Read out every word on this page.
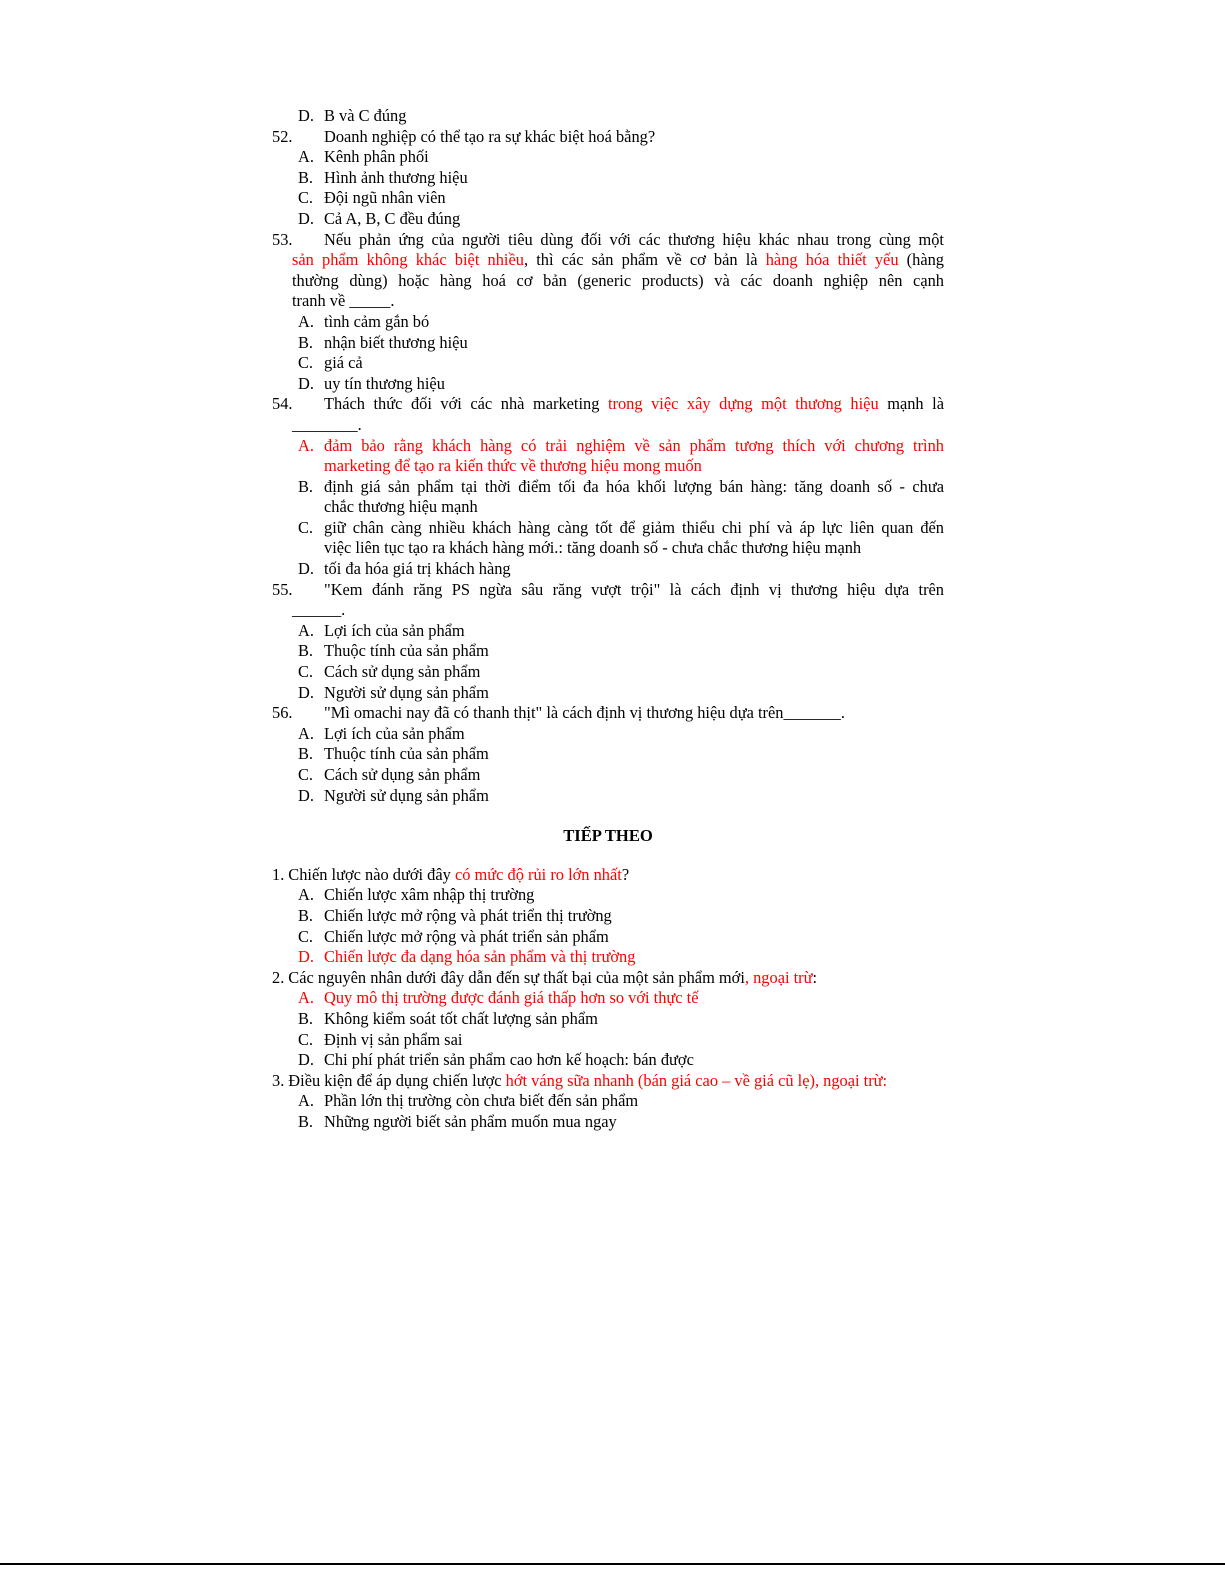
D. B và C đúng
52.	Doanh nghiệp có thể tạo ra sự khác biệt hoá bằng?
A. Kênh phân phối
B. Hình ảnh thương hiệu
C. Đội ngũ nhân viên
D. Cả A, B, C đều đúng
53.	Nếu phản ứng của người tiêu dùng đối với các thương hiệu khác nhau trong cùng một
sản phẩm không khác biệt nhiều, thì các sản phẩm về cơ bản là hàng hóa thiết yếu (hàng
thường dùng) hoặc hàng hoá cơ bản (generic products) và các doanh nghiệp nên cạnh
tranh về _____.
A. tình cảm gắn bó
B. nhận biết thương hiệu
C. giá cả
D. uy tín thương hiệu
54.	Thách thức đối với các nhà marketing trong việc xây dựng một thương hiệu mạnh là
________.
A. đảm bảo rằng khách hàng có trải nghiệm về sản phẩm tương thích với chương trình
marketing để tạo ra kiến thức về thương hiệu mong muốn
B. định giá sản phẩm tại thời điểm tối đa hóa khối lượng bán hàng: tăng doanh số - chưa
chắc thương hiệu mạnh
C. giữ chân càng nhiều khách hàng càng tốt để giảm thiểu chi phí và áp lực liên quan đến
việc liên tục tạo ra khách hàng mới.: tăng doanh số - chưa chắc thương hiệu mạnh
D. tối đa hóa giá trị khách hàng
55.	"Kem đánh răng PS ngừa sâu răng vượt trội" là cách định vị thương hiệu dựa trên
______.
A. Lợi ích của sản phẩm
B. Thuộc tính của sản phẩm
C. Cách sử dụng sản phẩm
D. Người sử dụng sản phẩm
56.	"Mì omachi nay đã có thanh thịt" là cách định vị thương hiệu dựa trên_______.
A. Lợi ích của sản phẩm
B. Thuộc tính của sản phẩm
C. Cách sử dụng sản phẩm
D. Người sử dụng sản phẩm
TIẾP THEO
1. Chiến lược nào dưới đây có mức độ rủi ro lớn nhất?
A. Chiến lược xâm nhập thị trường
B. Chiến lược mở rộng và phát triển thị trường
C. Chiến lược mở rộng và phát triển sản phẩm
D. Chiến lược đa dạng hóa sản phẩm và thị trường
2. Các nguyên nhân dưới đây dẫn đến sự thất bại của một sản phẩm mới, ngoại trừ:
A. Quy mô thị trường được đánh giá thấp hơn so với thực tế
B. Không kiểm soát tốt chất lượng sản phẩm
C. Định vị sản phẩm sai
D. Chi phí phát triển sản phẩm cao hơn kế hoạch: bán được
3. Điều kiện để áp dụng chiến lược hớt váng sữa nhanh (bán giá cao – về giá cũ lẹ), ngoại trừ:
A. Phần lớn thị trường còn chưa biết đến sản phẩm
B. Những người biết sản phẩm muốn mua ngay
